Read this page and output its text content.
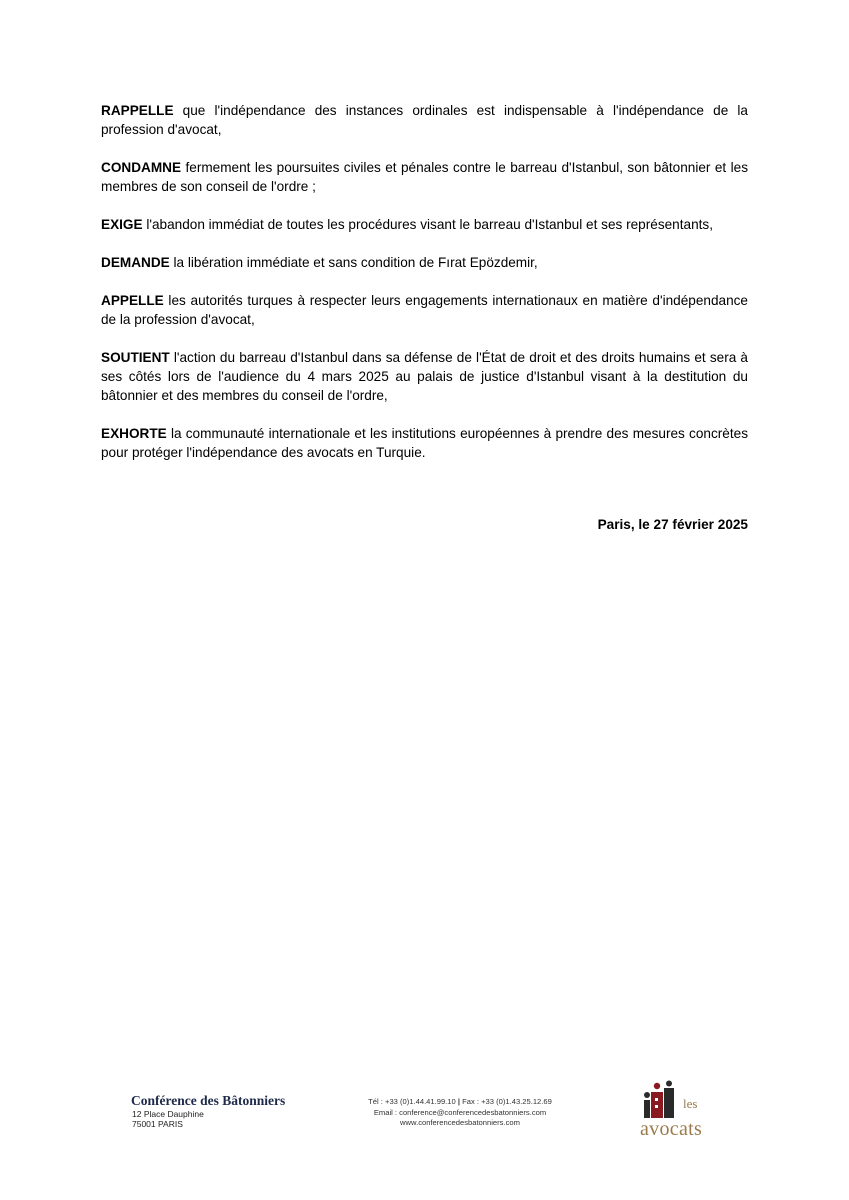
RAPPELLE que l'indépendance des instances ordinales est indispensable à l'indépendance de la profession d'avocat,

CONDAMNE fermement les poursuites civiles et pénales contre le barreau d'Istanbul, son bâtonnier et les membres de son conseil de l'ordre ;

EXIGE l'abandon immédiat de toutes les procédures visant le barreau d'Istanbul et ses représentants,

DEMANDE la libération immédiate et sans condition de Fırat Epözdemir,

APPELLE les autorités turques à respecter leurs engagements internationaux en matière d'indépendance de la profession d'avocat,

SOUTIENT l'action du barreau d'Istanbul dans sa défense de l'État de droit et des droits humains et sera à ses côtés lors de l'audience du 4 mars 2025 au palais de justice d'Istanbul visant à la destitution du bâtonnier et des membres du conseil de l'ordre,

EXHORTE la communauté internationale et les institutions européennes à prendre des mesures concrètes pour protéger l'indépendance des avocats en Turquie.

Paris, le 27 février 2025
Conférence des Bâtonniers
12 Place Dauphine
75001 PARIS
Tél : +33 (0)1.44.41.99.10 | Fax : +33 (0)1.43.25.12.69
Email : conference@conferencedesbatonniers.com
www.conferencedesbatonniers.com
les
avocats
